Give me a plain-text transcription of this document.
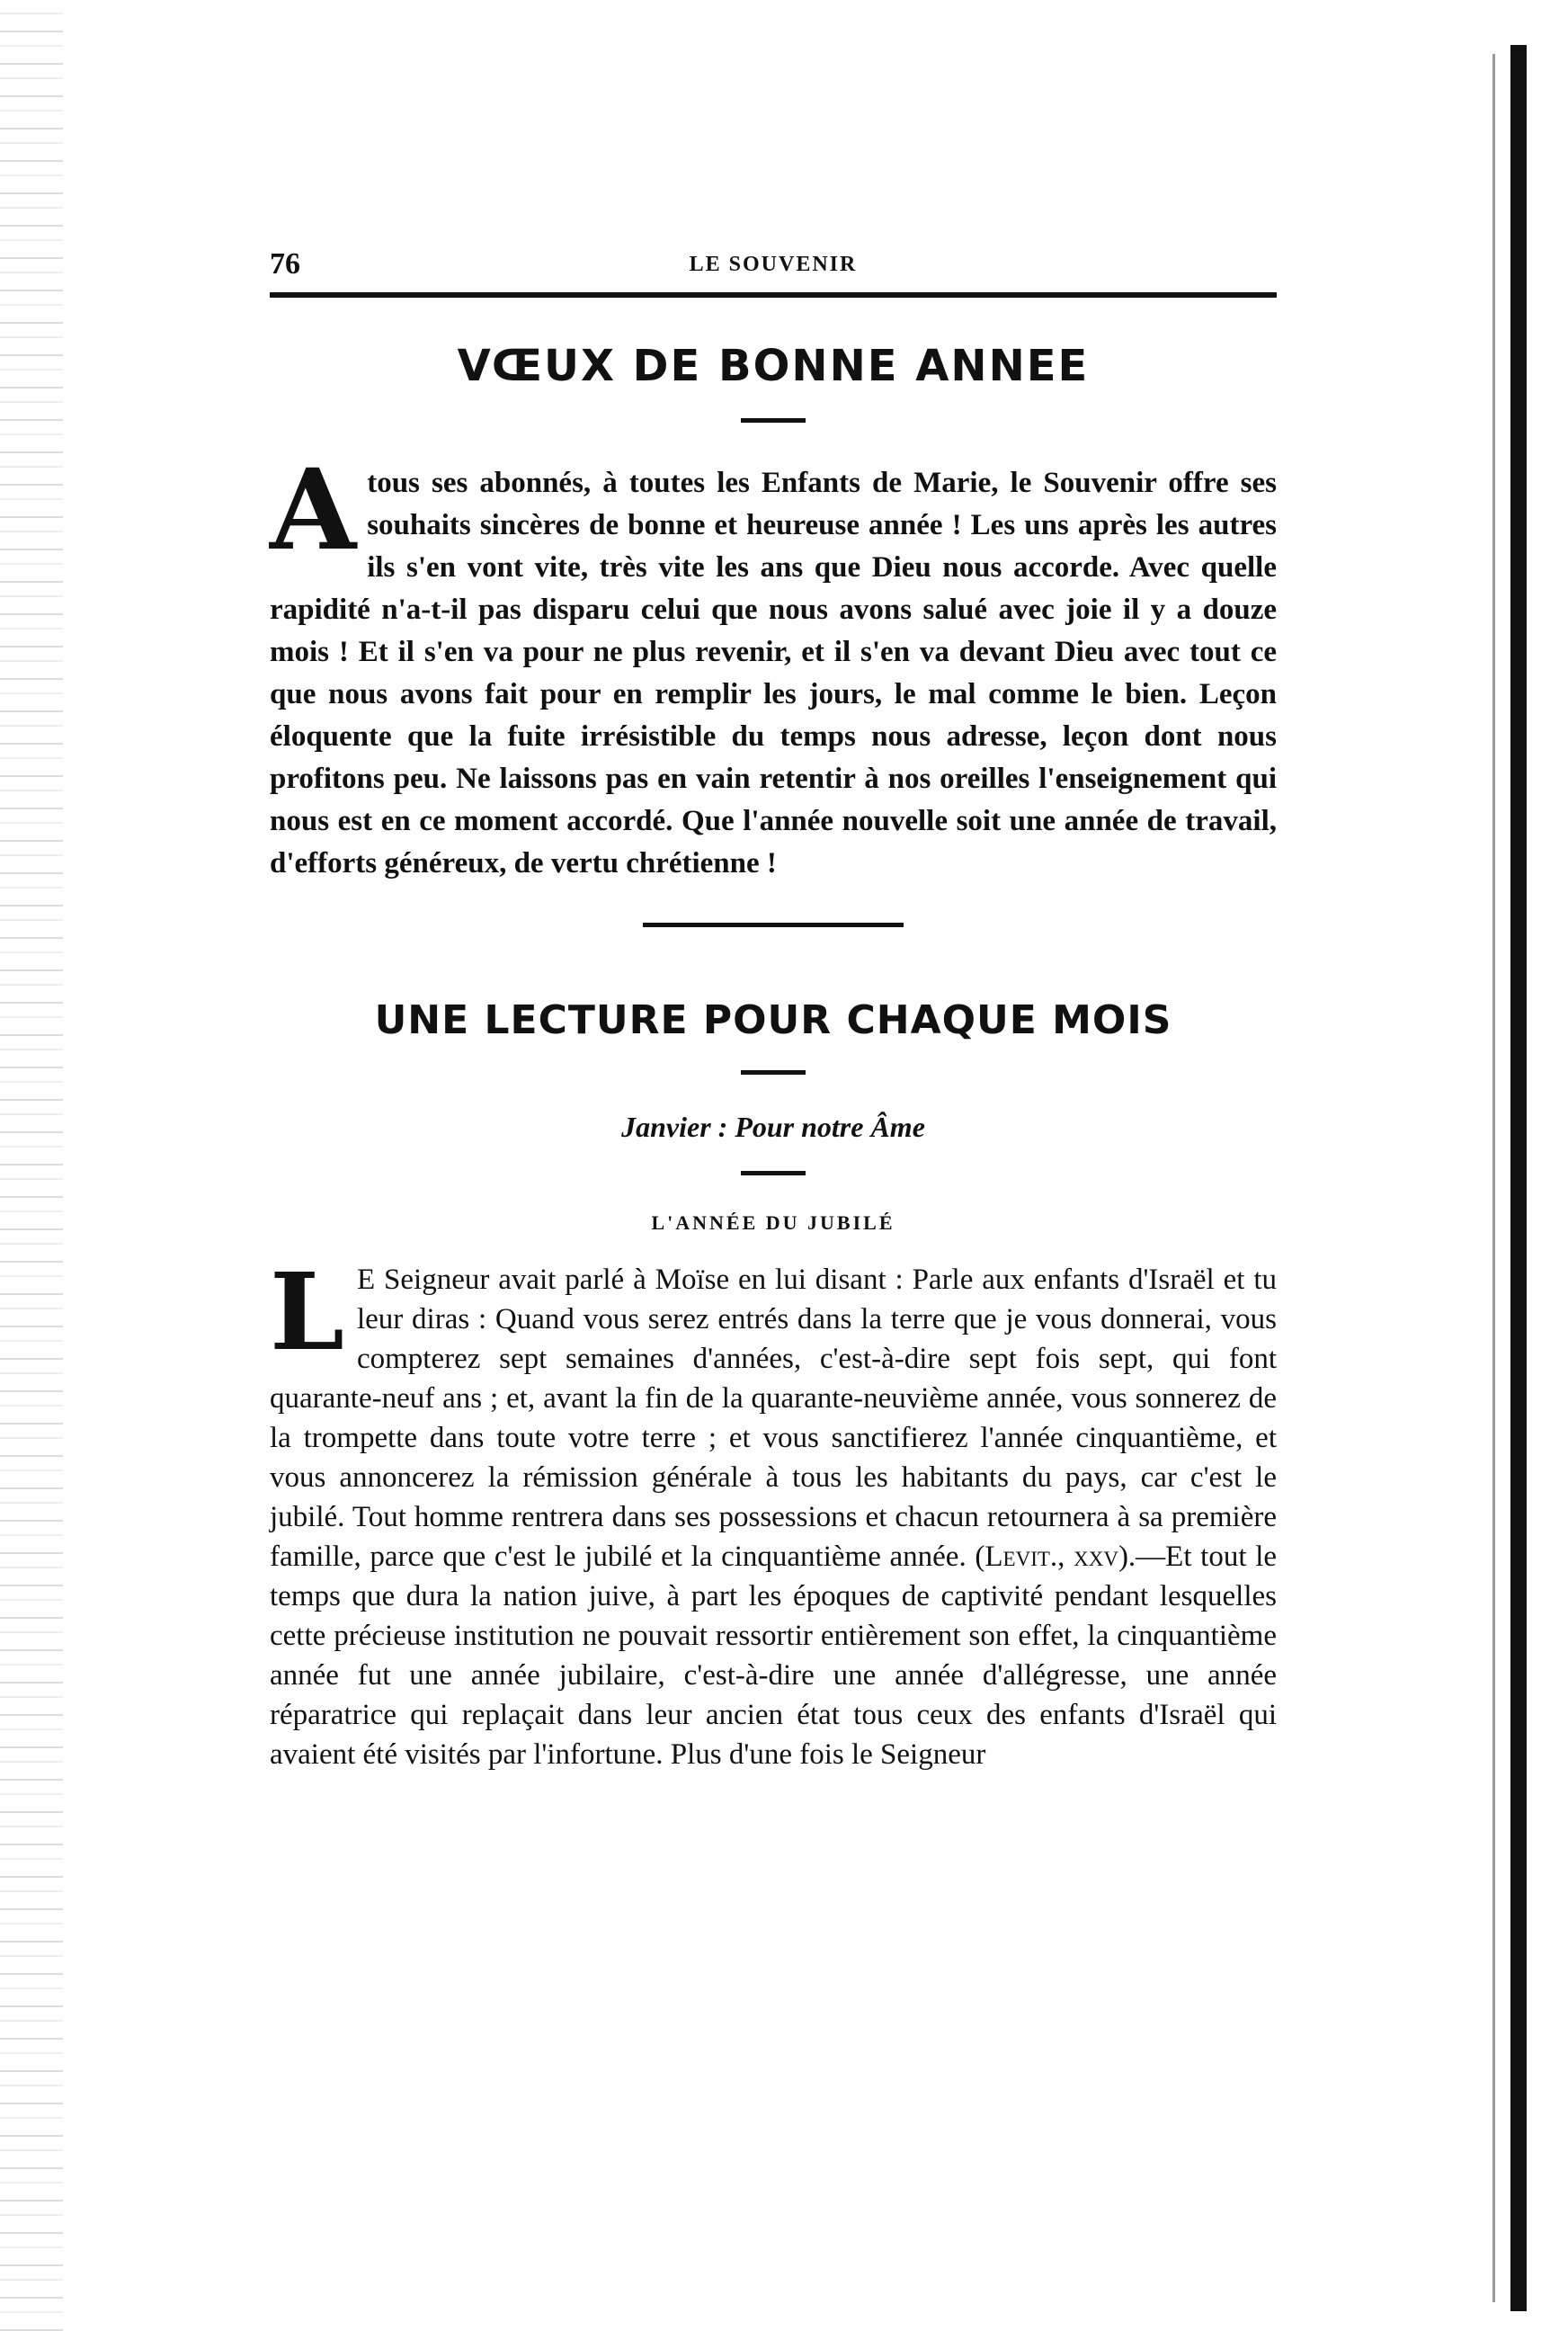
76	LE SOUVENIR
VŒUX DE BONNE ANNEE
A tous ses abonnés, à toutes les Enfants de Marie, le Souvenir offre ses souhaits sincères de bonne et heureuse année ! Les uns après les autres ils s'en vont vite, très vite les ans que Dieu nous accorde. Avec quelle rapidité n'a-t-il pas disparu celui que nous avons salué avec joie il y a douze mois ! Et il s'en va pour ne plus revenir, et il s'en va devant Dieu avec tout ce que nous avons fait pour en remplir les jours, le mal comme le bien. Leçon éloquente que la fuite irrésistible du temps nous adresse, leçon dont nous profitons peu. Ne laissons pas en vain retentir à nos oreilles l'enseignement qui nous est en ce moment accordé. Que l'année nouvelle soit une année de travail, d'efforts généreux, de vertu chrétienne !
UNE LECTURE POUR CHAQUE MOIS
Janvier : Pour notre Âme
L'ANNÉE DU JUBILÉ
L E Seigneur avait parlé à Moïse en lui disant : Parle aux enfants d'Israël et tu leur diras : Quand vous serez entrés dans la terre que je vous donnerai, vous compterez sept semaines d'années, c'est-à-dire sept fois sept, qui font quarante-neuf ans ; et, avant la fin de la quarante-neuvième année, vous sonnerez de la trompette dans toute votre terre ; et vous sanctifierez l'année cinquantième, et vous annoncerez la rémission générale à tous les habitants du pays, car c'est le jubilé. Tout homme rentrera dans ses possessions et chacun retournera à sa première famille, parce que c'est le jubilé et la cinquantième année. (Levit., xxv).—Et tout le temps que dura la nation juive, à part les époques de captivité pendant lesquelles cette précieuse institution ne pouvait ressortir entièrement son effet, la cinquantième année fut une année jubilaire, c'est-à-dire une année d'allégresse, une année réparatrice qui replaçait dans leur ancien état tous ceux des enfants d'Israël qui avaient été visités par l'infortune. Plus d'une fois le Seigneur
